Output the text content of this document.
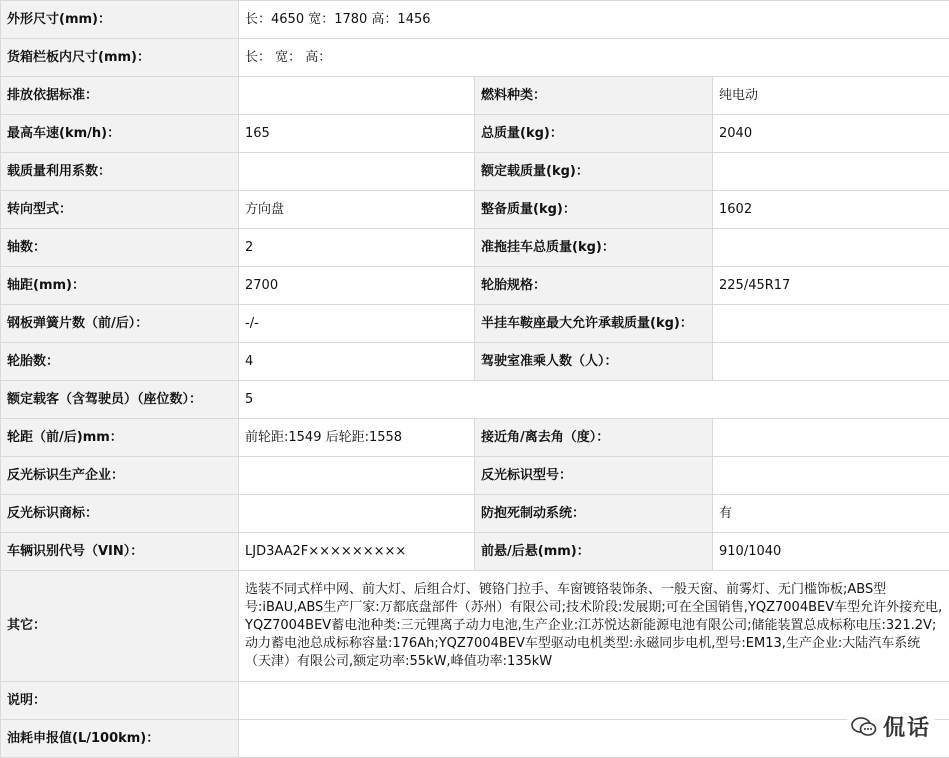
外形尺寸(mm)：	长：4650 宽：1780 高：1456		
货箱栏板内尺寸(mm)：	长： 宽： 高：		
排放依据标准：		燃料种类：	纯电动
最高车速(km/h)：	165	总质量(kg)：	2040
载质量利用系数：		额定载质量(kg)：	
转向型式：	方向盘	整备质量(kg)：	1602
轴数：	2	准拖挂车总质量(kg)：	
轴距(mm)：	2700	轮胎规格：	225/45R17
钢板弹簧片数（前/后）：	-/-	半挂车鞍座最大允许承载质量(kg)：	
轮胎数：	4	驾驶室准乘人数（人）：	
额定载客（含驾驶员）（座位数）：	5		
轮距（前/后)mm：	前轮距:1549 后轮距:1558	接近角/离去角（度）：	
反光标识生产企业：		反光标识型号：	
反光标识商标：		防抱死制动系统：	有
车辆识别代号（VIN）：	LJD3AA2F×××××××××	前悬/后悬(mm)：	910/1040
其它：	选装不同式样中网、前大灯、后组合灯、镀铬门拉手、车窗镀铬装饰条、一般天窗、前雾灯、无门槛饰板;ABS型号:iBAU,ABS生产厂家:万都底盘部件（苏州）有限公司;技术阶段:发展期;可在全国销售,YQZ7004BEV车型允许外接充电, YQZ7004BEV蓄电池种类:三元锂离子动力电池,生产企业:江苏悦达新能源电池有限公司;储能装置总成标称电压:321.2V;动力蓄电池总成标称容量:176Ah;YQZ7004BEV车型驱动电机类型:永磁同步电机,型号:EM13,生产企业:大陆汽车系统（天津）有限公司,额定功率:55kW,峰值功率:135kW		
说明：			
油耗申报值(L/100km)：				侃话
